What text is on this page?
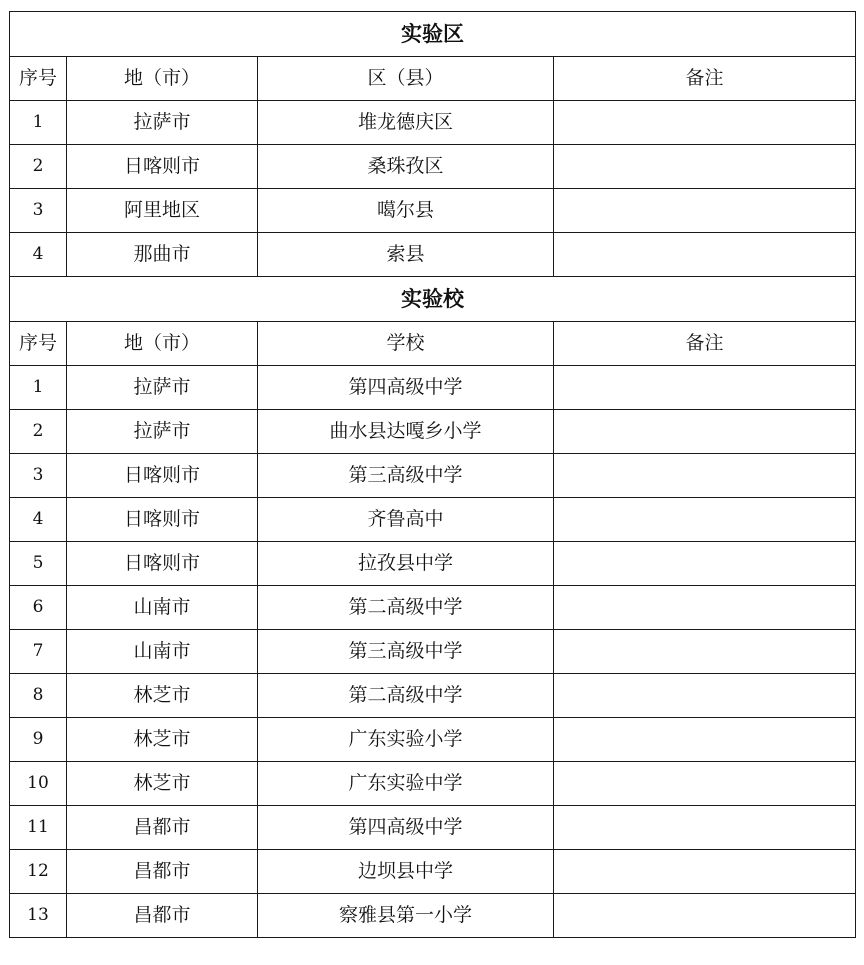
实验区			
序号	地（市）	区（县）	备注
1	拉萨市	堆龙德庆区	
2	日喀则市	桑珠孜区	
3	阿里地区	噶尔县	
4	那曲市	索县	
实验校			
序号	地（市）	学校	备注
1	拉萨市	第四高级中学	
2	拉萨市	曲水县达嘎乡小学	
3	日喀则市	第三高级中学	
4	日喀则市	齐鲁高中	
5	日喀则市	拉孜县中学	
6	山南市	第二高级中学	
7	山南市	第三高级中学	
8	林芝市	第二高级中学	
9	林芝市	广东实验小学	
10	林芝市	广东实验中学	
11	昌都市	第四高级中学	
12	昌都市	边坝县中学	
13	昌都市	察雅县第一小学	
